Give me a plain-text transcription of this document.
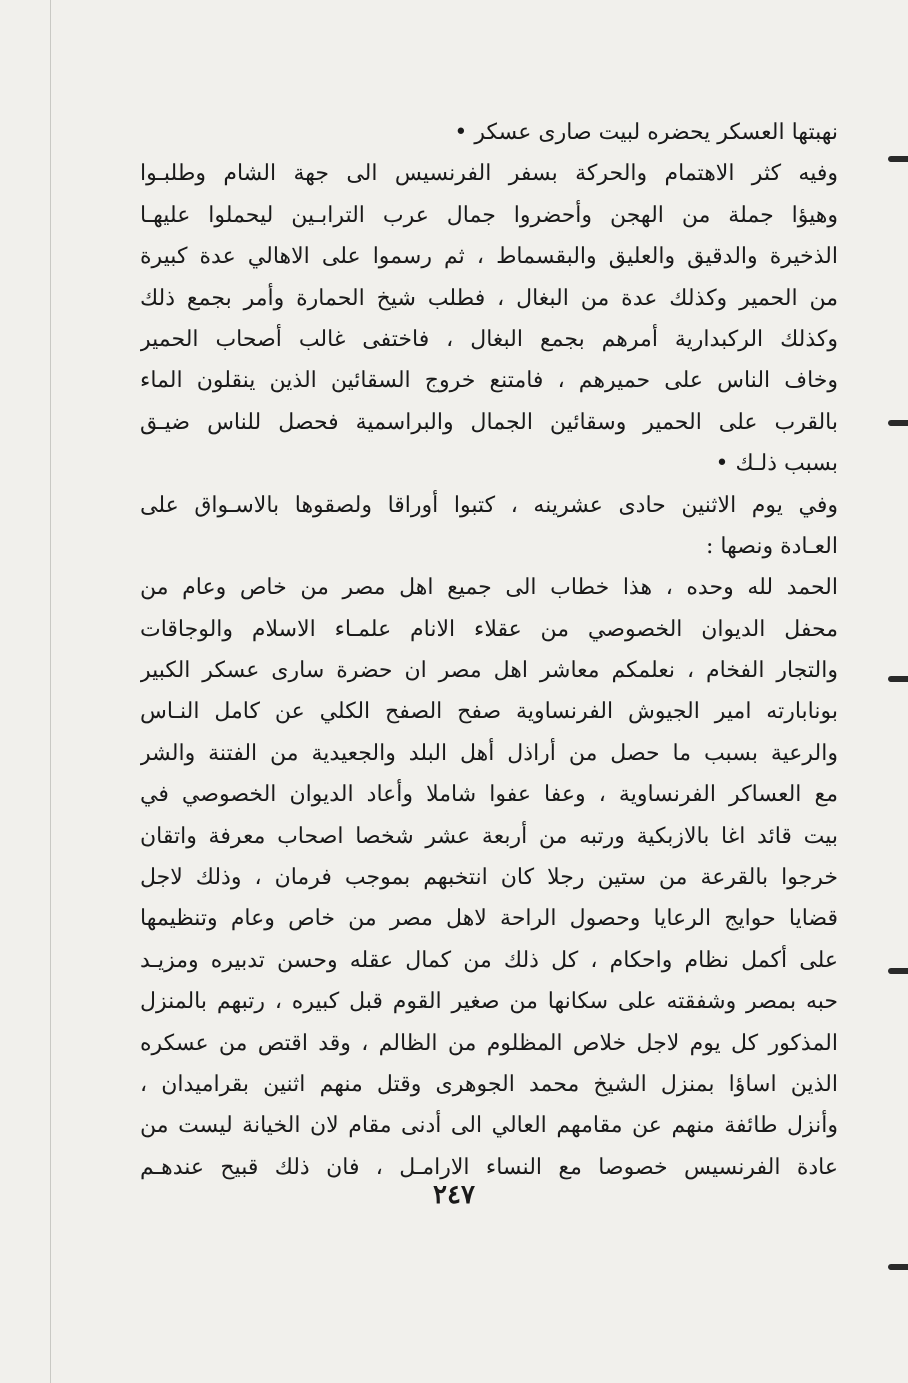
نهبتها العسكر يحضره لبيت صارى عسكر •
وفيه كثر الاهتمام والحركة بسفر الفرنسيس الى جهة الشام وطلبـوا
وهيؤا جملة من الهجن وأحضروا جمال عرب الترابـين ليحملوا عليهـا
الذخيرة والدقيق والعليق والبقسماط ، ثم رسموا على الاهالي عدة كبيرة
من الحمير وكذلك عدة من البغال ، فطلب شيخ الحمارة وأمر بجمع ذلك
وكذلك الركبدارية أمرهم بجمع البغال ، فاختفى غالب أصحاب الحمير
وخاف الناس على حميرهم ، فامتنع خروج السقائين الذين ينقلون الماء
بالقرب على الحمير وسقائين الجمال والبراسمية فحصل للناس ضيـق
بسبب ذلـك •
وفي يوم الاثنين حادى عشرينه ، كتبوا أوراقا ولصقوها بالاسـواق على
العـادة ونصها :
الحمد لله وحده ، هذا خطاب الى جميع اهل مصر من خاص وعام من
محفل الديوان الخصوصي من عقلاء الانام علمـاء الاسلام والوجاقات
والتجار الفخام ، نعلمكم معاشر اهل مصر ان حضرة سارى عسكر الكبير
بونابارته امير الجيوش الفرنساوية صفح الصفح الكلي عن كامل النـاس
والرعية بسبب ما حصل من أراذل أهل البلد والجعيدية من الفتنة والشر
مع العساكر الفرنساوية ، وعفا عفوا شاملا وأعاد الديوان الخصوصي في
بيت قائد اغا بالازبكية ورتبه من أربعة عشر شخصا اصحاب معرفة واتقان
خرجوا بالقرعة من ستين رجلا كان انتخبهم بموجب فرمان ، وذلك لاجل
قضايا حوايج الرعايا وحصول الراحة لاهل مصر من خاص وعام وتنظيمها
على أكمل نظام واحكام ، كل ذلك من كمال عقله وحسن تدبيره ومزيـد
حبه بمصر وشفقته على سكانها من صغير القوم قبل كبيره ، رتبهم بالمنزل
المذكور كل يوم لاجل خلاص المظلوم من الظالم ، وقد اقتص من عسكره
الذين اساؤا بمنزل الشيخ محمد الجوهرى وقتل منهم اثنين بقراميدان ،
وأنزل طائفة منهم عن مقامهم العالي الى أدنى مقام لان الخيانة ليست من
عادة الفرنسيس خصوصا مع النساء الارامـل ، فان ذلك قبيح عندهـم
٢٤٧
